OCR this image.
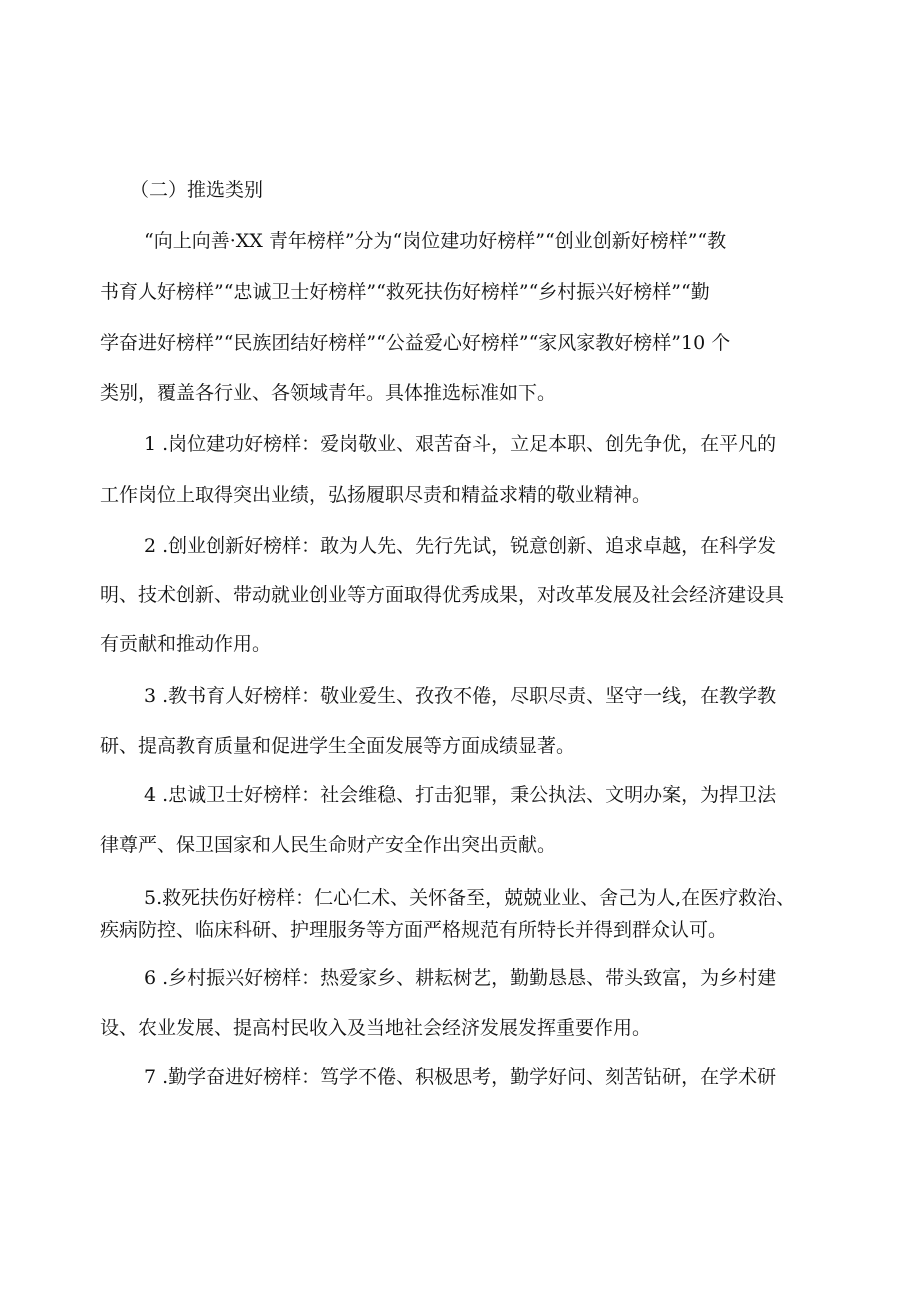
（二）推选类别
“向上向善·XX 青年榜样”分为“岗位建功好榜样”“创业创新好榜样”“教
书育人好榜样”“忠诚卫士好榜样”“救死扶伤好榜样”“乡村振兴好榜样”“勤
学奋进好榜样”“民族团结好榜样”“公益爱心好榜样”“家风家教好榜样”10 个
类别，覆盖各行业、各领域青年。具体推选标准如下。
1 .岗位建功好榜样：爱岗敬业、艰苦奋斗，立足本职、创先争优，在平凡的
工作岗位上取得突出业绩，弘扬履职尽责和精益求精的敬业精神。
2 .创业创新好榜样：敢为人先、先行先试，锐意创新、追求卓越，在科学发
明、技术创新、带动就业创业等方面取得优秀成果，对改革发展及社会经济建设具
有贡献和推动作用。
3 .教书育人好榜样：敬业爱生、孜孜不倦，尽职尽责、坚守一线，在教学教
研、提高教育质量和促进学生全面发展等方面成绩显著。
4 .忠诚卫士好榜样：社会维稳、打击犯罪，秉公执法、文明办案，为捍卫法
律尊严、保卫国家和人民生命财产安全作出突出贡献。
5.救死扶伤好榜样：仁心仁术、关怀备至，兢兢业业、舍己为人,在医疗救治、
疾病防控、临床科研、护理服务等方面严格规范有所特长并得到群众认可。
6 .乡村振兴好榜样：热爱家乡、耕耘树艺，勤勤恳恳、带头致富，为乡村建
设、农业发展、提高村民收入及当地社会经济发展发挥重要作用。
7 .勤学奋进好榜样：笃学不倦、积极思考，勤学好问、刻苦钻研，在学术研
